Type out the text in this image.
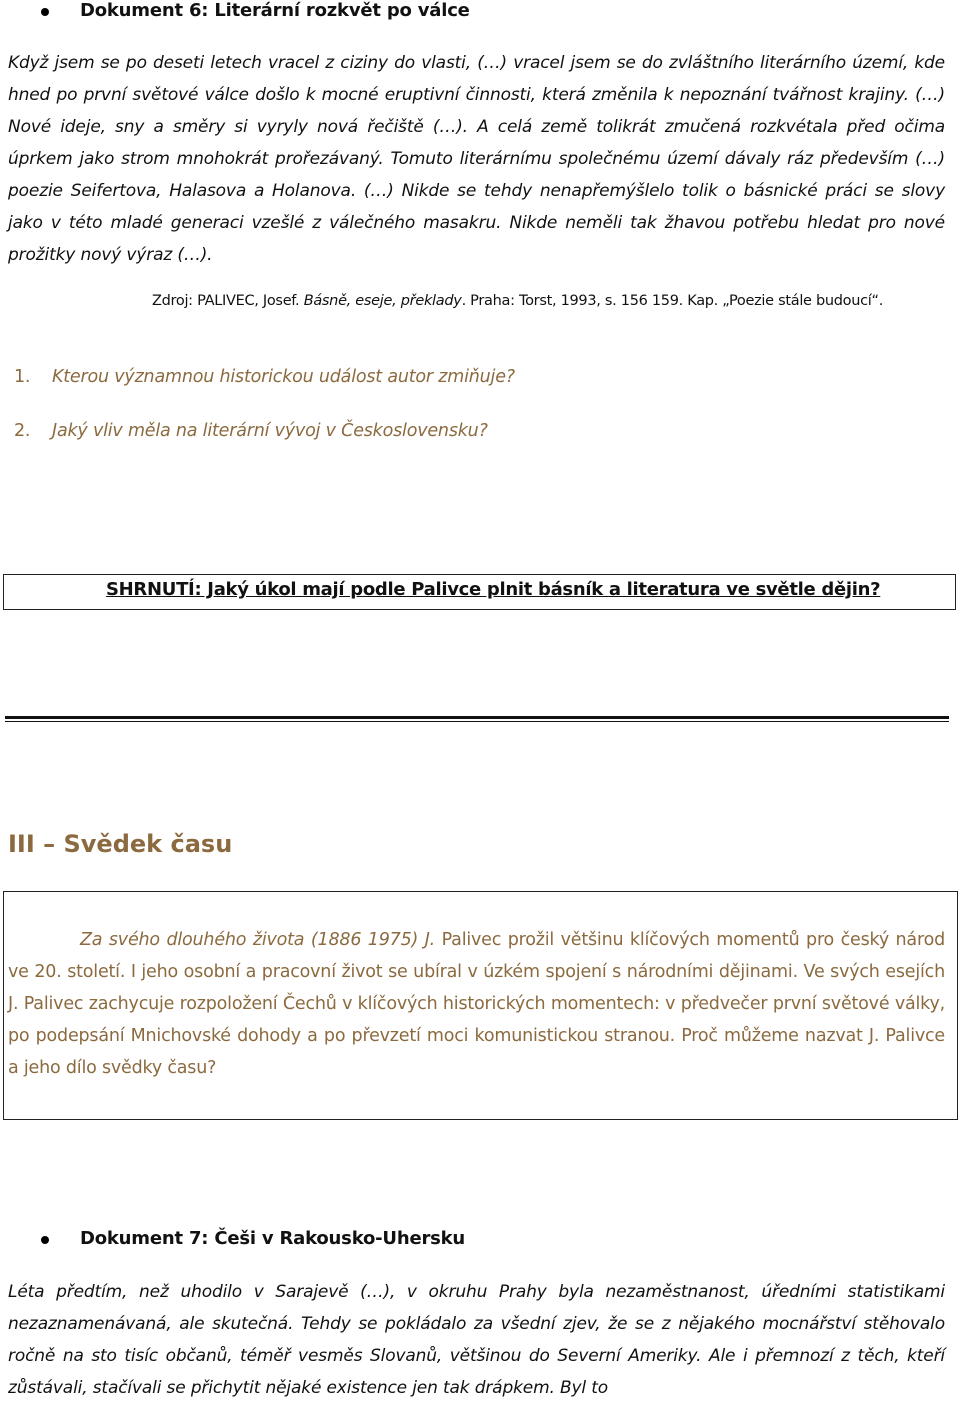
Dokument 6: Literární rozkvět po válce
Když jsem se po deseti letech vracel z ciziny do vlasti, (…) vracel jsem se do zvláštního literárního území, kde hned po první světové válce došlo k mocné eruptivní činnosti, která změnila k nepoznání tvářnost krajiny. (…) Nové ideje, sny a směry si vyryly nová řečiště (…). A celá země tolikrát zmučená rozkvétala před očima úprkem jako strom mnohokrát prořezávaný. Tomuto literárnímu společnému území dávaly ráz především (…) poezie Seifertova, Halasova a Holanova. (…) Nikde se tehdy nenapřemýšlelo tolik o básnické práci se slovy jako v této mladé generaci vzešlé z válečného masakru. Nikde neměli tak žhavou potřebu hledat pro nové prožitky nový výraz (…).
Zdroj: PALIVEC, Josef. Básně, eseje, překlady. Praha: Torst, 1993, s. 156 159. Kap. „Poezie stále budoucí“.
1. Kterou významnou historickou událost autor zmiňuje?
2. Jaký vliv měla na literární vývoj v Československu?
SHRNUTÍ: Jaký úkol mají podle Palivce plnit básník a literatura ve světle dějin?
III – Svědek času
Za svého dlouhého života (1886 1975) J. Palivec prožil většinu klíčových momentů pro český národ ve 20. století. I jeho osobní a pracovní život se ubíral v úzkém spojení s národními dějinami. Ve svých esejích J. Palivec zachycuje rozpoložení Čechů v klíčových historických momentech: v předvečer první světové války, po podepsání Mnichovské dohody a po převzetí moci komunistickou stranou. Proč můžeme nazvat J. Palivce a jeho dílo svědky času?
Dokument 7: Češi v Rakousko-Uhersku
Léta předtím, než uhodilo v Sarajevě (…), v okruhu Prahy byla nezaměstnanost, úředními statistikami nezaznamenávaná, ale skutečná. Tehdy se pokládalo za všední zjev, že se z nějakého mocnářství stěhovalo ročně na sto tisíc občanů, téměř vesměs Slovanů, většinou do Severní Ameriky. Ale i přemnozí z těch, kteří zůstávali, stačívali se přichytit nějaké existence jen tak drápkem. Byl to
